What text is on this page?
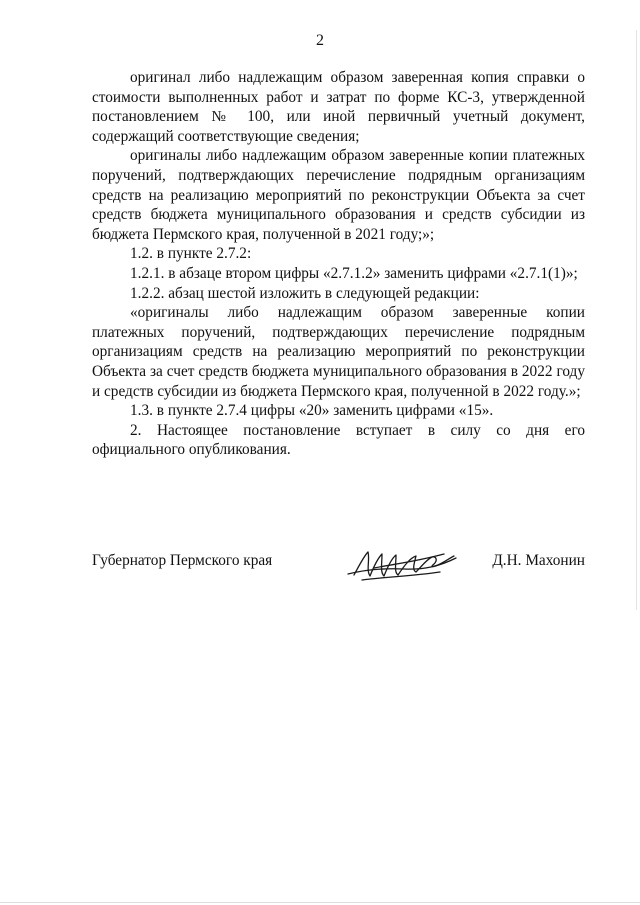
2

оригинал либо надлежащим образом заверенная копия справки о стоимости выполненных работ и затрат по форме КС-3, утвержденной постановлением № 100, или иной первичный учетный документ, содержащий соответствующие сведения;

оригиналы либо надлежащим образом заверенные копии платежных поручений, подтверждающих перечисление подрядным организациям средств на реализацию мероприятий по реконструкции Объекта за счет средств бюджета муниципального образования и средств субсидии из бюджета Пермского края, полученной в 2021 году;»;

1.2. в пункте 2.7.2:

1.2.1. в абзаце втором цифры «2.7.1.2» заменить цифрами «2.7.1(1)»;

1.2.2. абзац шестой изложить в следующей редакции:

«оригиналы либо надлежащим образом заверенные копии платежных поручений, подтверждающих перечисление подрядным организациям средств на реализацию мероприятий по реконструкции Объекта за счет средств бюджета муниципального образования в 2022 году и средств субсидии из бюджета Пермского края, полученной в 2022 году.»;

1.3. в пункте 2.7.4 цифры «20» заменить цифрами «15».

2. Настоящее постановление вступает в силу со дня его официального опубликования.

Губернатор Пермского края	Д.Н. Махонин
